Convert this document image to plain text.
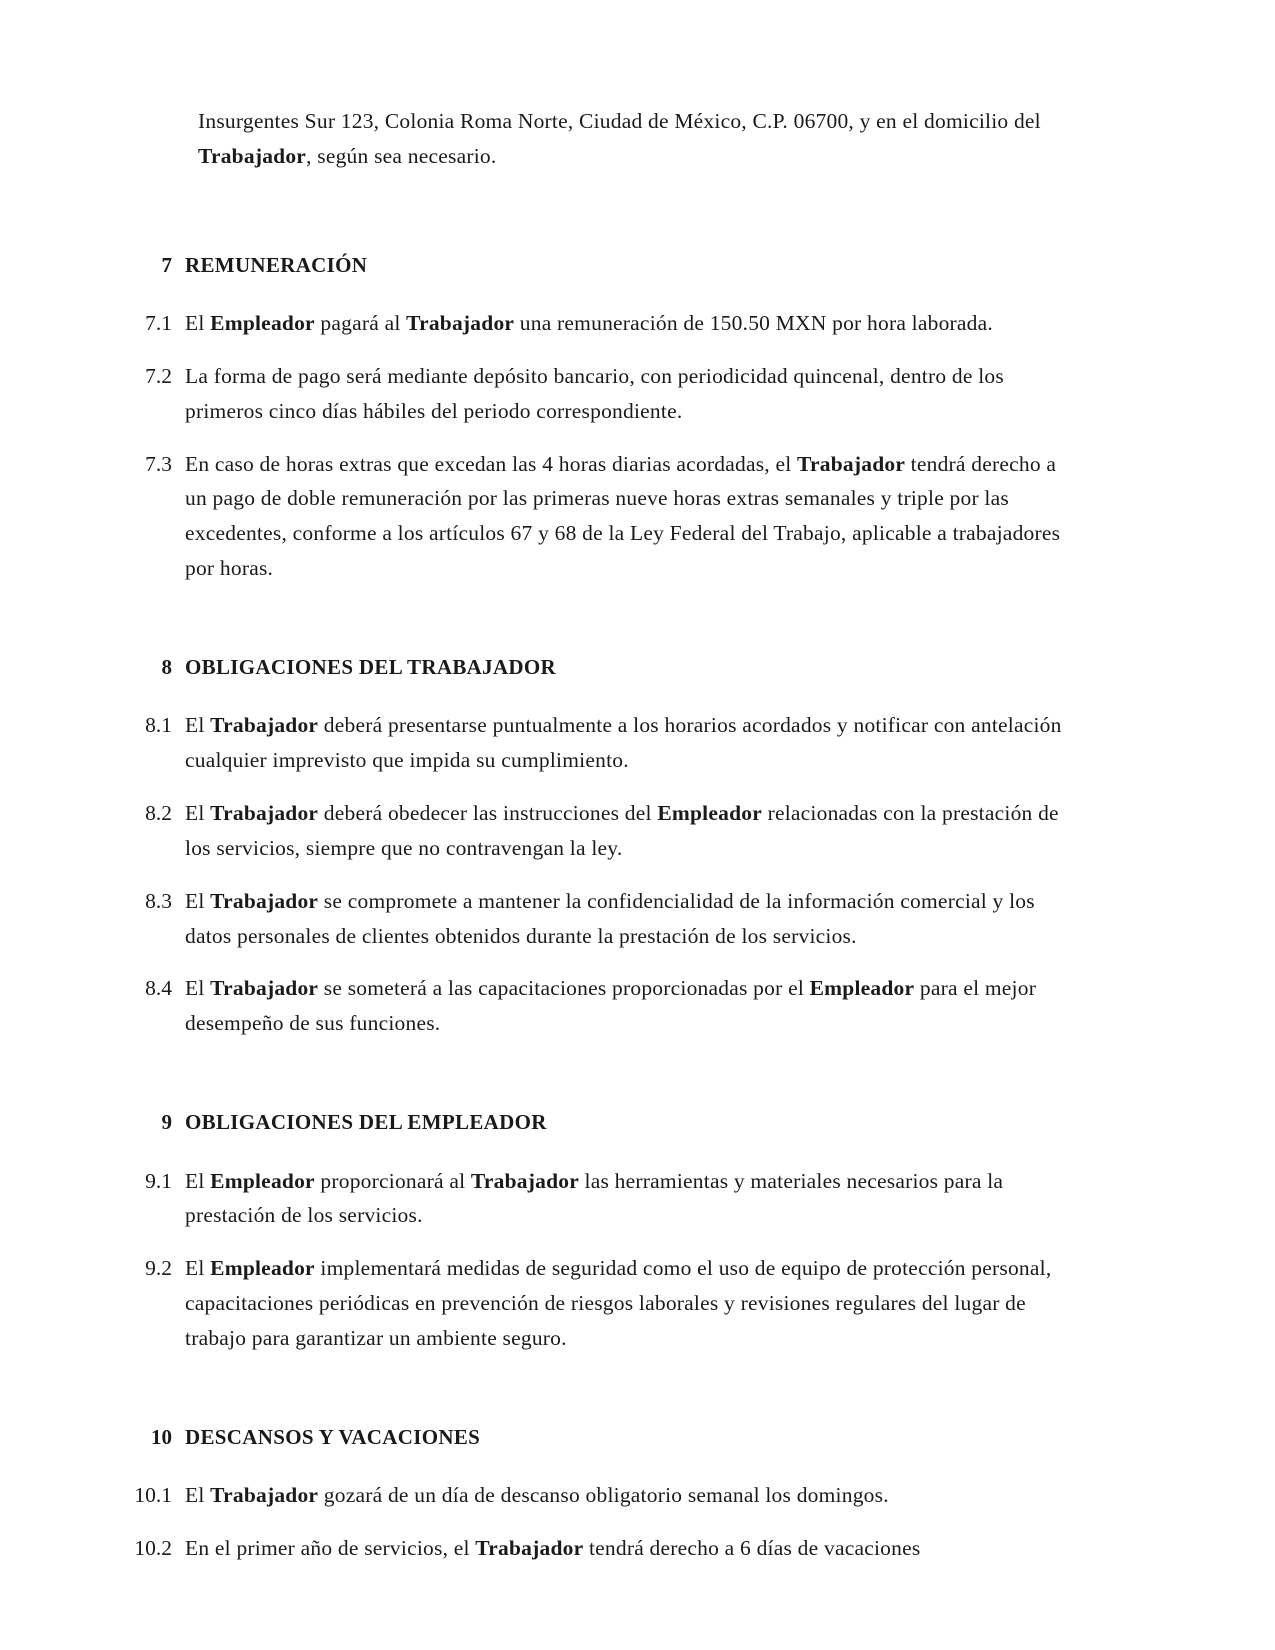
Insurgentes Sur 123, Colonia Roma Norte, Ciudad de México, C.P. 06700, y en el domicilio del Trabajador, según sea necesario.

7 REMUNERACIÓN
7.1 El Empleador pagará al Trabajador una remuneración de 150.50 MXN por hora laborada.
7.2 La forma de pago será mediante depósito bancario, con periodicidad quincenal, dentro de los primeros cinco días hábiles del periodo correspondiente.
7.3 En caso de horas extras que excedan las 4 horas diarias acordadas, el Trabajador tendrá derecho a un pago de doble remuneración por las primeras nueve horas extras semanales y triple por las excedentes, conforme a los artículos 67 y 68 de la Ley Federal del Trabajo, aplicable a trabajadores por horas.
8 OBLIGACIONES DEL TRABAJADOR
8.1 El Trabajador deberá presentarse puntualmente a los horarios acordados y notificar con antelación cualquier imprevisto que impida su cumplimiento.
8.2 El Trabajador deberá obedecer las instrucciones del Empleador relacionadas con la prestación de los servicios, siempre que no contravengan la ley.
8.3 El Trabajador se compromete a mantener la confidencialidad de la información comercial y los datos personales de clientes obtenidos durante la prestación de los servicios.
8.4 El Trabajador se someterá a las capacitaciones proporcionadas por el Empleador para el mejor desempeño de sus funciones.
9 OBLIGACIONES DEL EMPLEADOR
9.1 El Empleador proporcionará al Trabajador las herramientas y materiales necesarios para la prestación de los servicios.
9.2 El Empleador implementará medidas de seguridad como el uso de equipo de protección personal, capacitaciones periódicas en prevención de riesgos laborales y revisiones regulares del lugar de trabajo para garantizar un ambiente seguro.
10 DESCANSOS Y VACACIONES
10.1 El Trabajador gozará de un día de descanso obligatorio semanal los domingos.
10.2 En el primer año de servicios, el Trabajador tendrá derecho a 6 días de vacaciones
